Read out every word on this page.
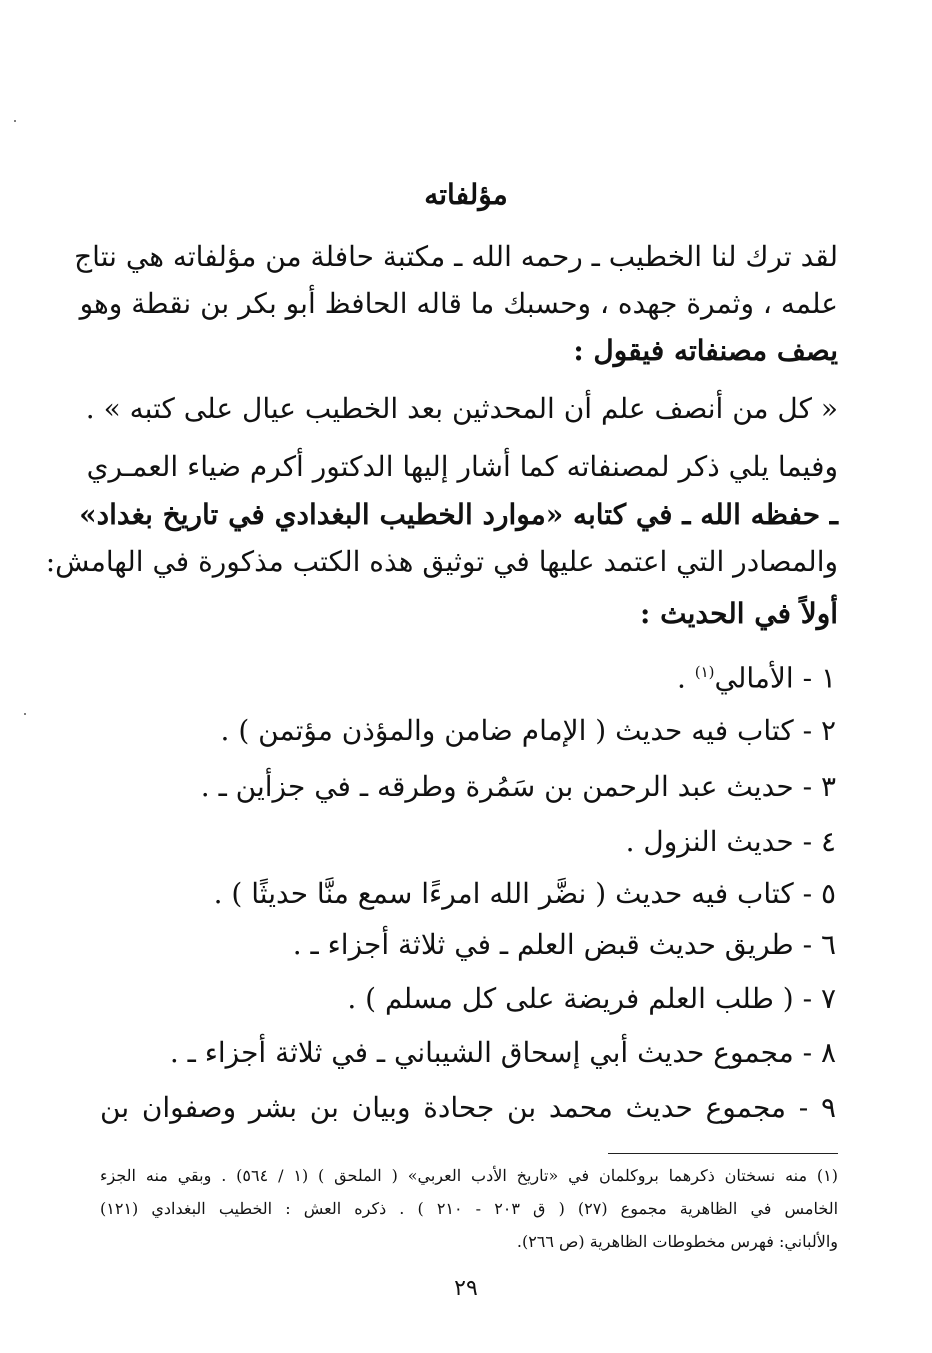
مؤلفاته
لقد ترك لنا الخطيب ـ رحمه الله ـ مكتبة حافلة من مؤلفاته هي نتاج
علمه ، وثمرة جهده ، وحسبك ما قاله الحافظ أبو بكر بن نقطة وهو
يصف مصنفاته فيقول :
« كل من أنصف علم أن المحدثين بعد الخطيب عيال على كتبه » .
وفيما يلي ذكر لمصنفاته كما أشار إليها الدكتور أكرم ضياء العمـري
ـ حفظه الله ـ في كتابه «موارد الخطيب البغدادي في تاريخ بغداد»
والمصادر التي اعتمد عليها في توثيق هذه الكتب مذكورة في الهامش:
أولاً في الحديث :
١ - الأمالي$^{(١)}$ .
٢ - كتاب فيه حديث ( الإمام ضامن والمؤذن مؤتمن ) .
٣ - حديث عبد الرحمن بن سَمُرة وطرقه ـ في جزأين ـ .
٤ - حديث النزول .
٥ - كتاب فيه حديث ( نضَّر الله امرءًا سمع منَّا حديثًا ) .
٦ - طريق حديث قبض العلم ـ في ثلاثة أجزاء ـ .
٧ - ( طلب العلم فريضة على كل مسلم ) .
٨ - مجموع حديث أبي إسحاق الشيباني ـ في ثلاثة أجزاء ـ .
٩ - مجموع حديث محمد بن جحادة وبيان بن بشر وصفوان بن
(١) منه نسختان ذكرهما بروكلمان في «تاريخ الأدب العربي» ( الملحق ) (١ / ٥٦٤) . وبقي منه الجزء
الخامس في الظاهرية مجموع (٢٧) ( ق ٢٠٣ - ٢١٠ ) . ذكره العش : الخطيب البغدادي (١٢١)
والألباني: فهرس مخطوطات الظاهرية (ص ٢٦٦).
٢٩
